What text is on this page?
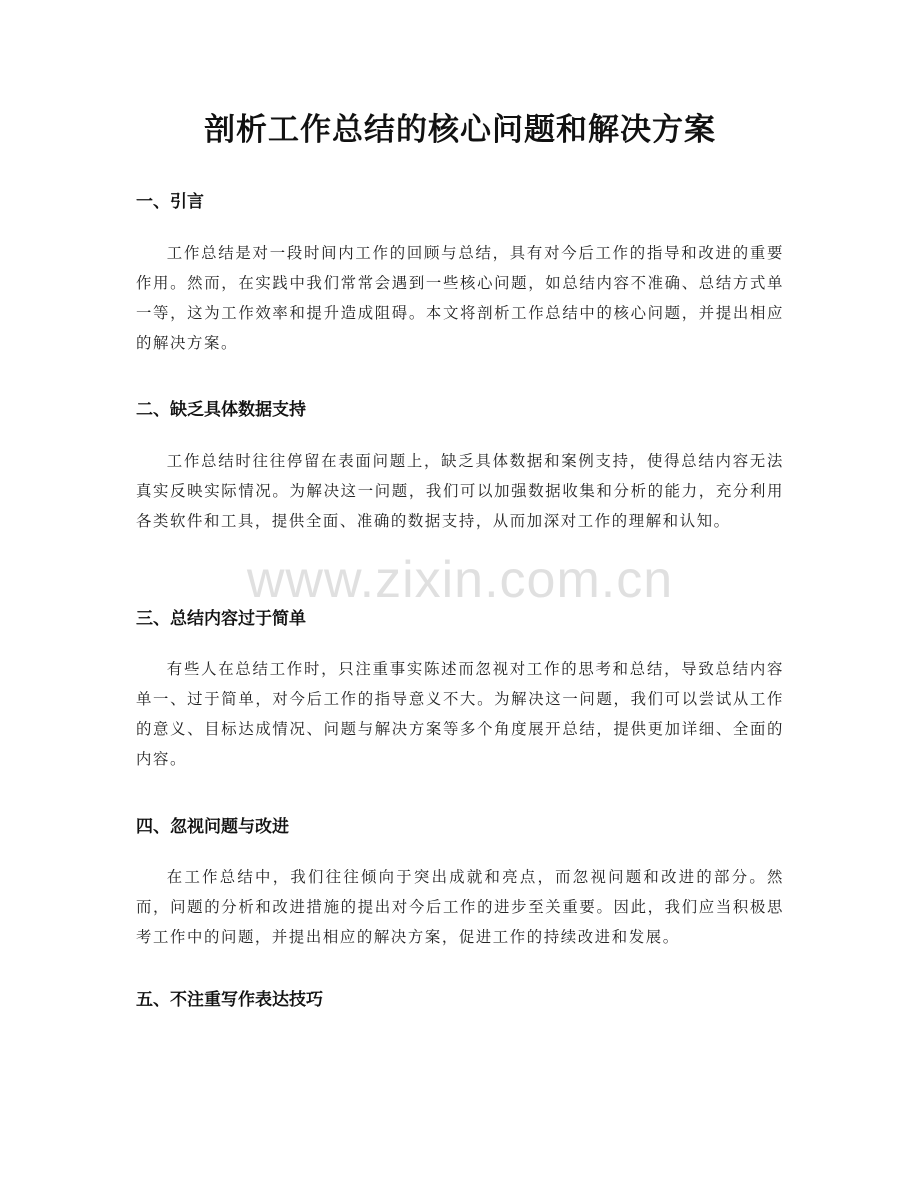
剖析工作总结的核心问题和解决方案
一、引言
工作总结是对一段时间内工作的回顾与总结，具有对今后工作的指导和改进的重要作用。然而，在实践中我们常常会遇到一些核心问题，如总结内容不准确、总结方式单一等，这为工作效率和提升造成阻碍。本文将剖析工作总结中的核心问题，并提出相应的解决方案。
二、缺乏具体数据支持
工作总结时往往停留在表面问题上，缺乏具体数据和案例支持，使得总结内容无法真实反映实际情况。为解决这一问题，我们可以加强数据收集和分析的能力，充分利用各类软件和工具，提供全面、准确的数据支持，从而加深对工作的理解和认知。
三、总结内容过于简单
有些人在总结工作时，只注重事实陈述而忽视对工作的思考和总结，导致总结内容单一、过于简单，对今后工作的指导意义不大。为解决这一问题，我们可以尝试从工作的意义、目标达成情况、问题与解决方案等多个角度展开总结，提供更加详细、全面的内容。
四、忽视问题与改进
在工作总结中，我们往往倾向于突出成就和亮点，而忽视问题和改进的部分。然而，问题的分析和改进措施的提出对今后工作的进步至关重要。因此，我们应当积极思考工作中的问题，并提出相应的解决方案，促进工作的持续改进和发展。
五、不注重写作表达技巧
www.zixin.com.cn
